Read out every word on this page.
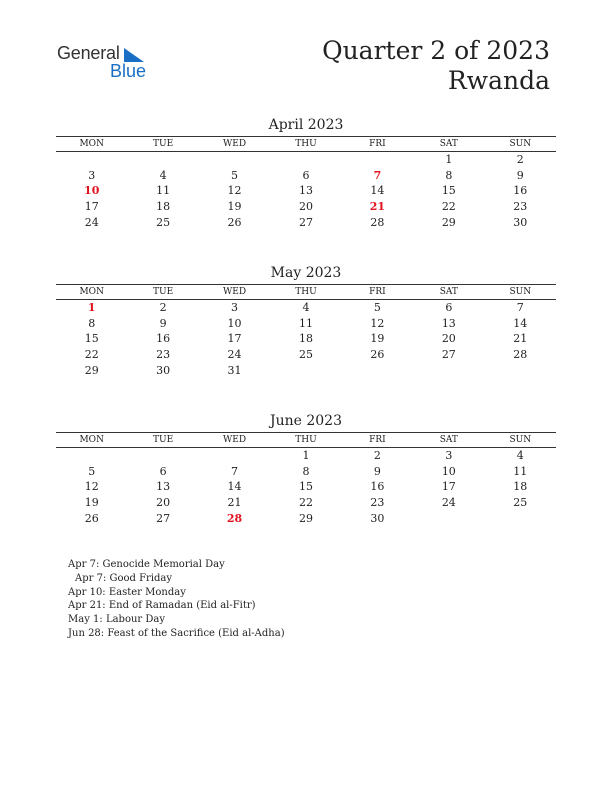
General
Blue
Quarter 2 of 2023
Rwanda
April 2023
MON	TUE	WED	THU	FRI	SAT	SUN
					1	2
3	4	5	6	7	8	9
10	11	12	13	14	15	16
17	18	19	20	21	22	23
24	25	26	27	28	29	30
May 2023
MON	TUE	WED	THU	FRI	SAT	SUN
1	2	3	4	5	6	7
8	9	10	11	12	13	14
15	16	17	18	19	20	21
22	23	24	25	26	27	28
29	30	31				
June 2023
MON	TUE	WED	THU	FRI	SAT	SUN
			1	2	3	4
5	6	7	8	9	10	11
12	13	14	15	16	17	18
19	20	21	22	23	24	25
26	27	28	29	30		
Apr 7: Genocide Memorial Day
Apr 7: Good Friday
Apr 10: Easter Monday
Apr 21: End of Ramadan (Eid al-Fitr)
May 1: Labour Day
Jun 28: Feast of the Sacrifice (Eid al-Adha)
